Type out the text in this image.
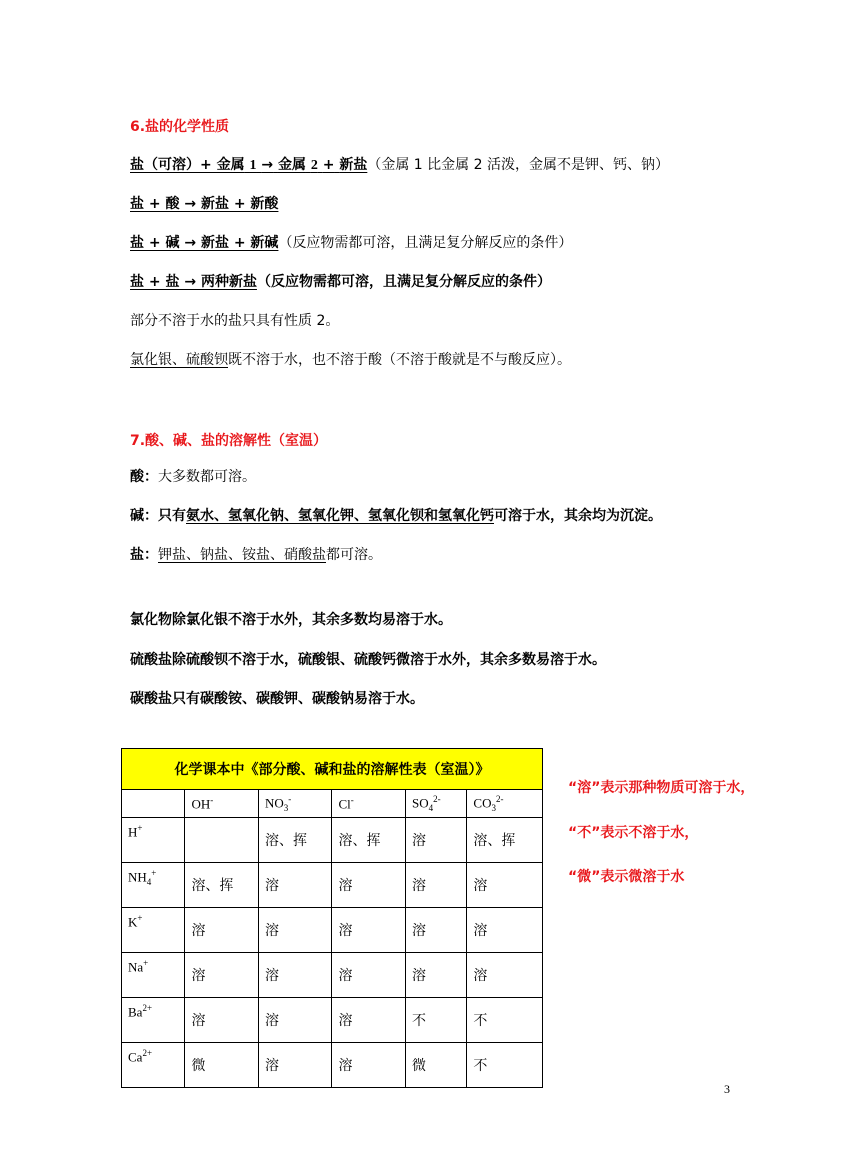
6.盐的化学性质
盐（可溶）+ 金属 1 → 金属 2 + 新盐（金属 1 比金属 2 活泼，金属不是钾、钙、钠）
盐 + 酸 → 新盐 + 新酸
盐 + 碱 → 新盐 + 新碱（反应物需都可溶，且满足复分解反应的条件）
盐 + 盐 → 两种新盐（反应物需都可溶，且满足复分解反应的条件）
部分不溶于水的盐只具有性质 2。
氯化银、硫酸钡既不溶于水，也不溶于酸（不溶于酸就是不与酸反应）。
7.酸、碱、盐的溶解性（室温）
酸：大多数都可溶。
碱：只有氨水、氢氧化钠、氢氧化钾、氢氧化钡和氢氧化钙可溶于水，其余均为沉淀。
盐：钾盐、钠盐、铵盐、硝酸盐都可溶。
氯化物除氯化银不溶于水外，其余多数均易溶于水。
硫酸盐除硫酸钡不溶于水，硫酸银、硫酸钙微溶于水外，其余多数易溶于水。
碳酸盐只有碳酸铵、碳酸钾、碳酸钠易溶于水。
化学课本中《部分酸、碱和盐的溶解性表（室温）》					
	OH-	$NO_3^-$	Cl-	$SO_4^{2-}$	$CO_3^{2-}$
H+		溶、挥	溶、挥	溶	溶、挥
$NH_4^+$	溶、挥	溶	溶	溶	溶
K+	溶	溶	溶	溶	溶
Na+	溶	溶	溶	溶	溶
$Ba^{2+}$	溶	溶	溶	不	不
$Ca^{2+}$	微	溶	溶	微	不
“溶”表示那种物质可溶于水，
“不”表示不溶于水，
“微”表示微溶于水
3
